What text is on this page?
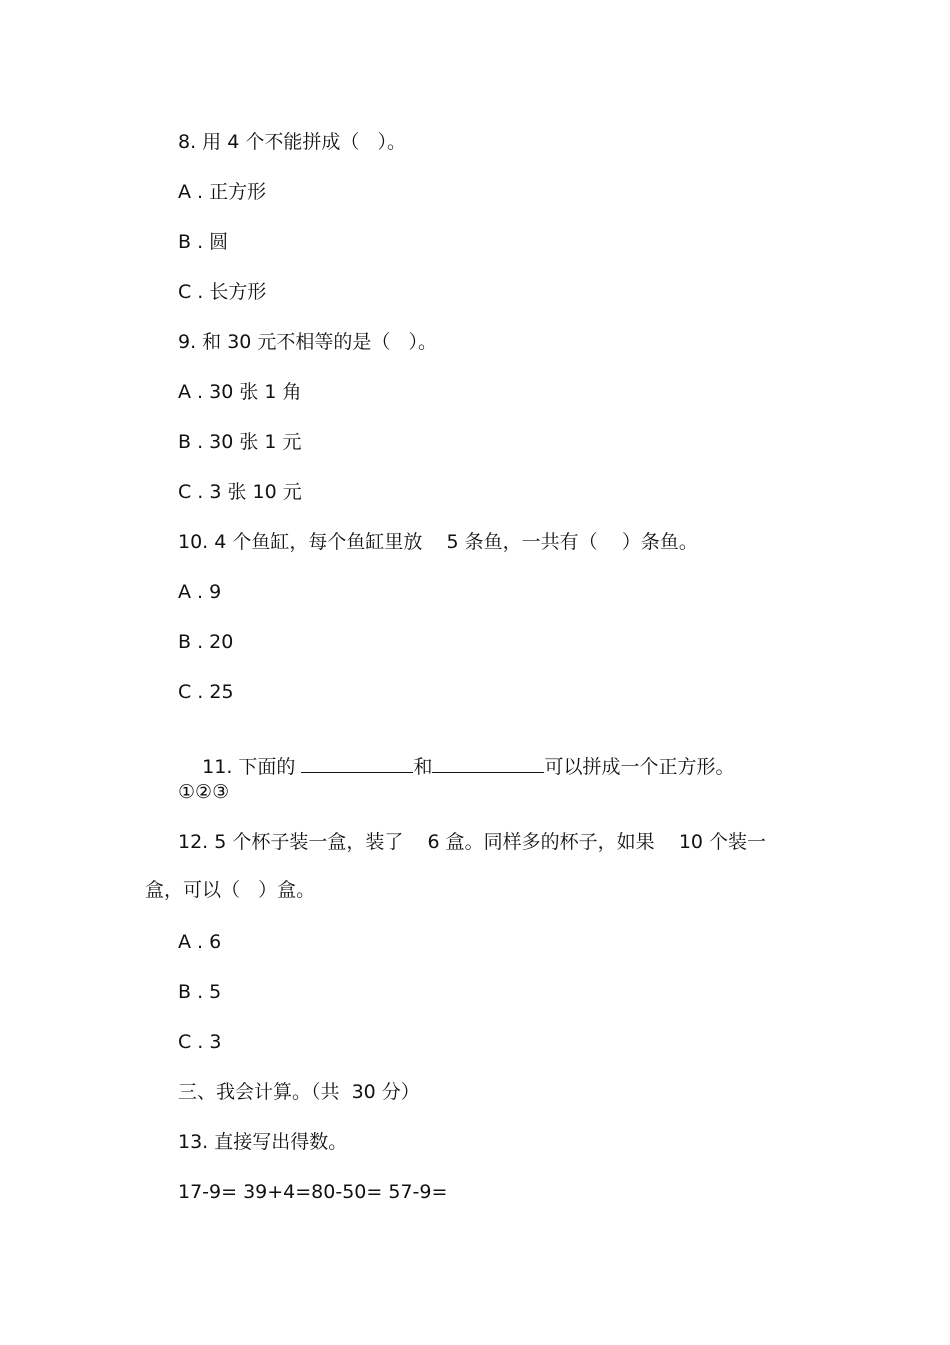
8. 用 4 个不能拼成（   ）。
A . 正方形
B . 圆
C . 长方形
9. 和 30 元不相等的是（   ）。
A . 30 张 1 角
B . 30 张 1 元
C . 3 张 10 元
10. 4 个鱼缸，每个鱼缸里放    5 条鱼，一共有（    ）条鱼。
A . 9
B . 20
C . 25

11. 下面的	和	可以拼成一个正方形。

①②③
12. 5 个杯子装一盒，装了    6 盒。同样多的杯子，如果    10 个装一
盒，可以（   ）盒。
A . 6
B . 5
C . 3
三、我会计算。（共  30 分）
13. 直接写出得数。
17-9= 39+4=80-50= 57-9=
